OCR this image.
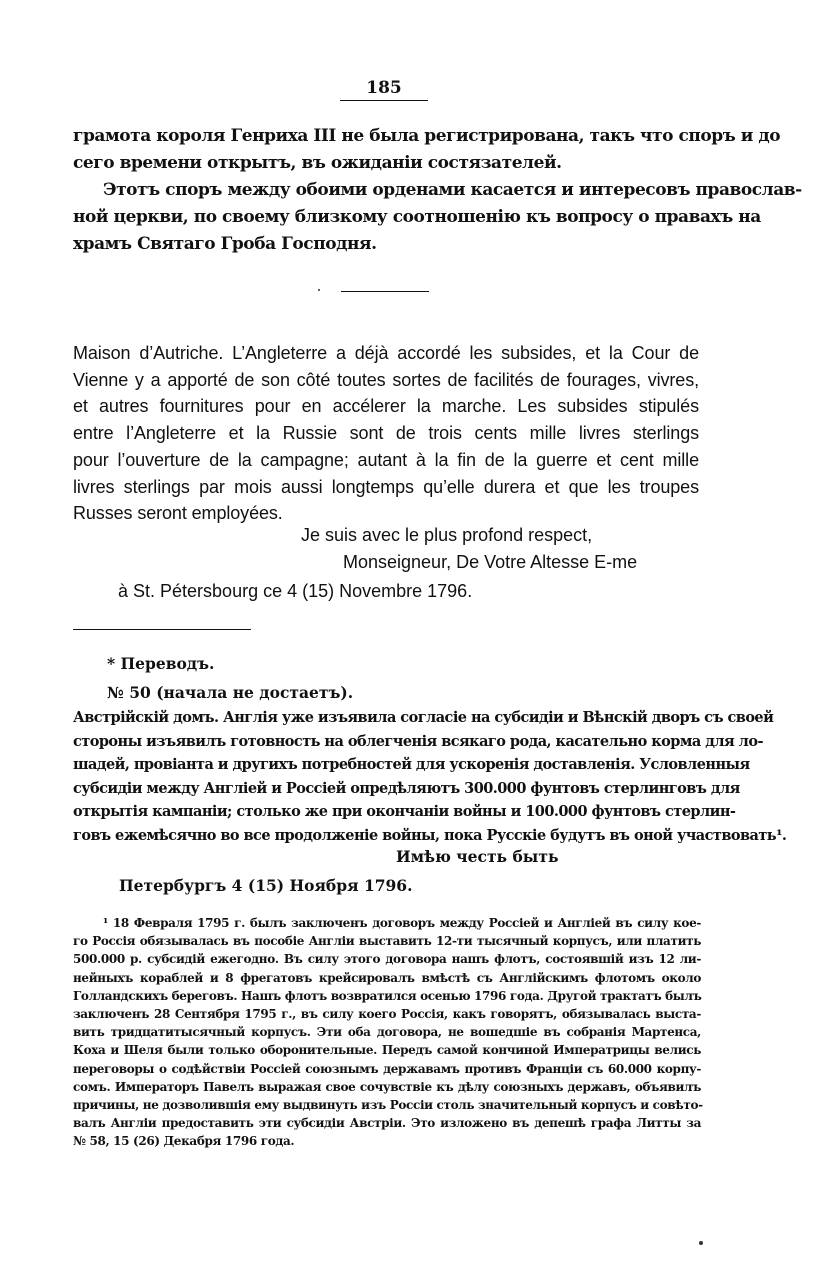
185
грамота короля Генриха III не была регистрирована, такъ что споръ и до
сего времени открытъ, въ ожиданіи состязателей.
Этотъ споръ между обоими орденами касается и интересовъ православ-
ной церкви, по своему близкому соотношенію къ вопросу о правахъ на
храмъ Святаго Гроба Господня.
Maison d’Autriche. L’Angleterre a déjà accordé les subsides, et la Cour de
Vienne y a apporté de son côté toutes sortes de facilités de fourages, vivres,
et autres fournitures pour en accélerer la marche. Les subsides stipulés
entre l’Angleterre et la Russie sont de trois cents mille livres sterlings
pour l’ouverture de la campagne; autant à la fin de la guerre et cent mille
livres sterlings par mois aussi longtemps qu’elle durera et que les troupes
Russes seront employées.
Je suis avec le plus profond respect,
Monseigneur, De Votre Altesse E-me
à St. Pétersbourg ce 4 (15) Novembre 1796.
* Переводъ.
№ 50 (начала не достаетъ).
Австрійскій домъ. Англія уже изъявила согласіе на субсидіи и Вѣнскій дворъ съ своей
стороны изъявилъ готовность на облегченія всякаго рода, касательно корма для ло-
шадей, провіанта и другихъ потребностей для ускоренія доставленія. Условленныя
субсидіи между Англіей и Россіей опредѣляютъ 300.000 фунтовъ стерлинговъ для
открытія кампаніи; столько же при окончаніи войны и 100.000 фунтовъ стерлин-
говъ ежемѣсячно во все продолженіе войны, пока Русскіе будутъ въ оной участвовать¹.
Имѣю честь быть
Петербургъ 4 (15) Ноября 1796.
¹ 18 Февраля 1795 г. былъ заключенъ договоръ между Россіей и Англіей въ силу кое-
го Россія обязывалась въ пособіе Англіи выставить 12-ти тысячный корпусъ, или платить
500.000 р. субсидій ежегодно. Въ силу этого договора нашъ флотъ, состоявшій изъ 12 ли-
нейныхъ кораблей и 8 фрегатовъ крейсировалъ вмѣстѣ съ Англійскимъ флотомъ около
Голландскихъ береговъ. Нашъ флотъ возвратился осенью 1796 года. Другой трактатъ былъ
заключенъ 28 Сентября 1795 г., въ силу коего Россія, какъ говорятъ, обязывалась выста-
вить тридцатитысячный корпусъ. Эти оба договора, не вошедшіе въ собранія Мартенса,
Коха и Шеля были только оборонительные. Передъ самой кончиной Императрицы велись
переговоры о содѣйствіи Россіей союзнымъ державамъ противъ Франціи съ 60.000 корпу-
сомъ. Императоръ Павелъ выражая свое сочувствіе къ дѣлу союзныхъ державъ, объявилъ
причины, не дозволившія ему выдвинуть изъ Россіи столь значительный корпусъ и совѣто-
валъ Англіи предоставить эти субсидіи Австріи. Это изложено въ депешѣ графа Литты за
№ 58, 15 (26) Декабря 1796 года.
